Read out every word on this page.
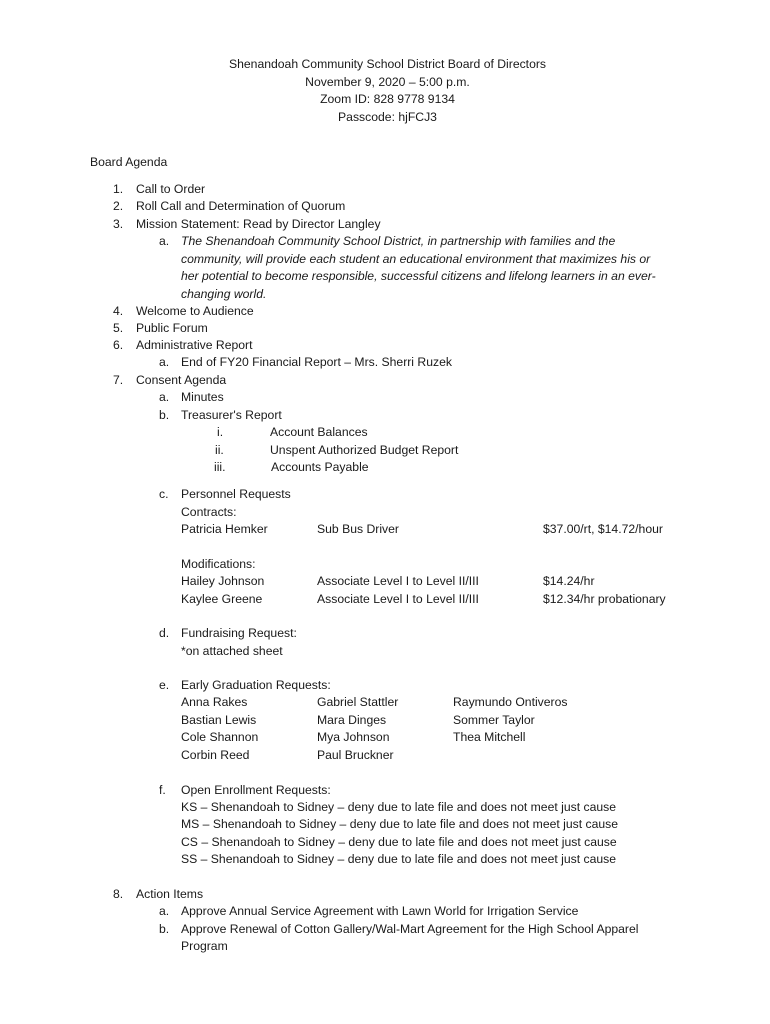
Shenandoah Community School District Board of Directors
November 9, 2020 – 5:00 p.m.
Zoom ID: 828 9778 9134
Passcode: hjFCJ3
Board Agenda
1. Call to Order
2. Roll Call and Determination of Quorum
3. Mission Statement: Read by Director Langley
a. The Shenandoah Community School District, in partnership with families and the
community, will provide each student an educational environment that maximizes his or
her potential to become responsible, successful citizens and lifelong learners in an ever-
changing world.
4. Welcome to Audience
5. Public Forum
6. Administrative Report
a. End of FY20 Financial Report – Mrs. Sherri Ruzek
7. Consent Agenda
a. Minutes
b. Treasurer's Report
i.	Account Balances
ii.	Unspent Authorized Budget Report
iii.	Accounts Payable
c. Personnel Requests
Contracts:
Patricia Hemker	Sub Bus Driver	$37.00/rt, $14.72/hour
Modifications:
Hailey Johnson	Associate Level I to Level II/III	$14.24/hr
Kaylee Greene	Associate Level I to Level II/III	$12.34/hr probationary
d. Fundraising Request:
*on attached sheet
e. Early Graduation Requests:
Anna Rakes	Gabriel Stattler	Raymundo Ontiveros
Bastian Lewis	Mara Dinges	Sommer Taylor
Cole Shannon	Mya Johnson	Thea Mitchell
Corbin Reed	Paul Bruckner
f. Open Enrollment Requests:
KS – Shenandoah to Sidney – deny due to late file and does not meet just cause
MS – Shenandoah to Sidney – deny due to late file and does not meet just cause
CS – Shenandoah to Sidney – deny due to late file and does not meet just cause
SS – Shenandoah to Sidney – deny due to late file and does not meet just cause
8. Action Items
a. Approve Annual Service Agreement with Lawn World for Irrigation Service
b. Approve Renewal of Cotton Gallery/Wal-Mart Agreement for the High School Apparel
Program
